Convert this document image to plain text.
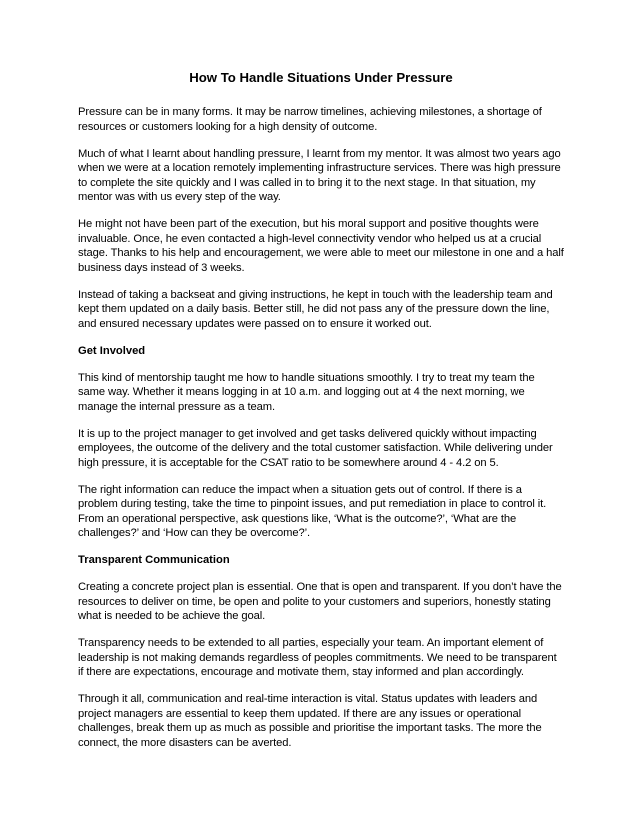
How To Handle Situations Under Pressure

Pressure can be in many forms. It may be narrow timelines, achieving milestones, a shortage of resources or customers looking for a high density of outcome.

Much of what I learnt about handling pressure, I learnt from my mentor. It was almost two years ago when we were at a location remotely implementing infrastructure services. There was high pressure to complete the site quickly and I was called in to bring it to the next stage. In that situation, my mentor was with us every step of the way.

He might not have been part of the execution, but his moral support and positive thoughts were invaluable. Once, he even contacted a high-level connectivity vendor who helped us at a crucial stage. Thanks to his help and encouragement, we were able to meet our milestone in one and a half business days instead of 3 weeks.

Instead of taking a backseat and giving instructions, he kept in touch with the leadership team and kept them updated on a daily basis. Better still, he did not pass any of the pressure down the line, and ensured necessary updates were passed on to ensure it worked out.

Get Involved

This kind of mentorship taught me how to handle situations smoothly. I try to treat my team the same way. Whether it means logging in at 10 a.m. and logging out at 4 the next morning, we manage the internal pressure as a team.

It is up to the project manager to get involved and get tasks delivered quickly without impacting employees, the outcome of the delivery and the total customer satisfaction. While delivering under high pressure, it is acceptable for the CSAT ratio to be somewhere around 4 - 4.2 on 5.

The right information can reduce the impact when a situation gets out of control. If there is a problem during testing, take the time to pinpoint issues, and put remediation in place to control it. From an operational perspective, ask questions like, ‘What is the outcome?’, ‘What are the challenges?’ and ‘How can they be overcome?’.

Transparent Communication

Creating a concrete project plan is essential. One that is open and transparent. If you don’t have the resources to deliver on time, be open and polite to your customers and superiors, honestly stating what is needed to be achieve the goal.

Transparency needs to be extended to all parties, especially your team. An important element of leadership is not making demands regardless of peoples commitments. We need to be transparent if there are expectations, encourage and motivate them, stay informed and plan accordingly.

Through it all, communication and real-time interaction is vital. Status updates with leaders and project managers are essential to keep them updated. If there are any issues or operational challenges, break them up as much as possible and prioritise the important tasks. The more the connect, the more disasters can be averted.
